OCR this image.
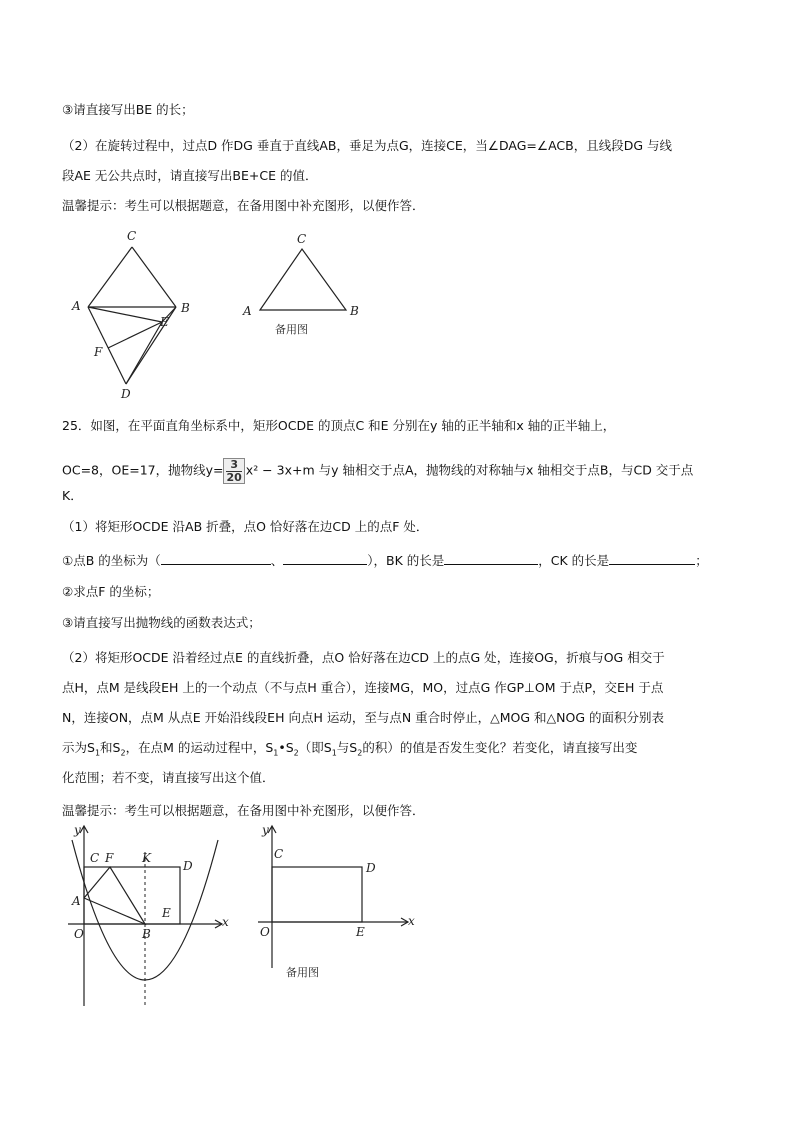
③请直接写出BE 的长；
（2）在旋转过程中，过点D 作DG 垂直于直线AB，垂足为点G，连接CE，当∠DAG=∠ACB，且线段DG 与线
段AE 无公共点时，请直接写出BE+CE 的值．
温馨提示：考生可以根据题意，在备用图中补充图形，以便作答．
C
A	B
E
F
D
C
A	B
备用图
25．如图，在平面直角坐标系中，矩形OCDE 的顶点C 和E 分别在y 轴的正半轴和x 轴的正半轴上，
OC=8，OE=17，抛物线$y= \frac{3}{20} x^2 - 3x+m$ 与y 轴相交于点A，抛物线的对称轴与x 轴相交于点B，与CD 交于点
K．
（1）将矩形OCDE 沿AB 折叠，点O 恰好落在边CD 上的点F 处．
①点B 的坐标为（	、	），BK 的长是	，CK 的长是	；
②求点F 的坐标；
③请直接写出抛物线的函数表达式；
（2）将矩形OCDE 沿着经过点E 的直线折叠，点O 恰好落在边CD 上的点G 处，连接OG，折痕与OG 相交于
点H，点M 是线段EH 上的一个动点（不与点H 重合），连接MG，MO，过点G 作GP⊥OM 于点P，交EH 于点
N，连接ON，点M 从点E 开始沿线段EH 向点H 运动，至与点N 重合时停止，△MOG 和△NOG 的面积分别表
示为$S_1$和$S_2$，在点M 的运动过程中，$S_1•S_2$（即$S_1$与$S_2$的积）的值是否发生变化？若变化，请直接写出变
化范围；若不变，请直接写出这个值．
温馨提示：考生可以根据题意，在备用图中补充图形，以便作答．
y
C F K
D
A
E
x
O	B
y
C
D
O	E
x
备用图
